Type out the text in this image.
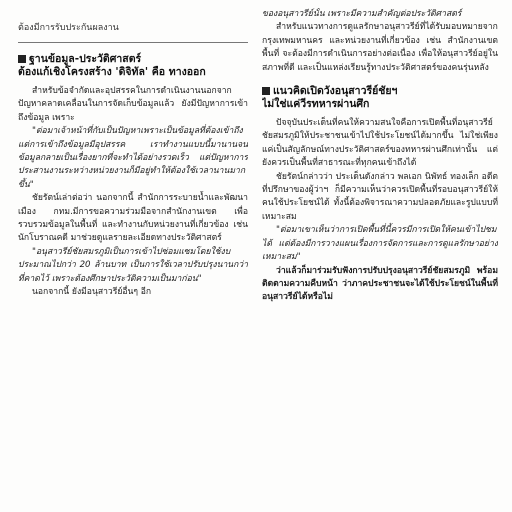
ต้องมีการรับประกันผลงาน
ฐานข้อมูล-ประวัติศาสตร์
ต้องแก้เชิงโครงสร้าง 'ดิจิทัล' คือ ทางออก

สำหรับข้อจำกัดและอุปสรรคในการดำเนินงานนอกจากปัญหาคลาดเคลื่อนในการจัดเก็บข้อมูลแล้ว ยังมีปัญหาการเข้าถึงข้อมูล เพราะ

"ต่อมาเจ้าหน้าที่กับเป็นปัญหาเพราะเป็นข้อมูลที่ต้องเข้าถึงแต่การเข้าถึงข้อมูลมีอุปสรรค เราทำงานแบบนี้มานานจนข้อมูลกลายเป็นเรื่องยากที่จะทำได้อย่างรวดเร็ว แต่ปัญหาการประสานงานระหว่างหน่วยงานก็มีอยู่ทำให้ต้องใช้เวลานานมากขึ้น"

ชัยรัตน์เล่าต่อว่า นอกจากนี้ สำนักการระบายน้ำและพัฒนาเมือง กทม.มีการขอความร่วมมือจากสำนักงานเขต เพื่อรวบรวมข้อมูลในพื้นที่ และทำงานกับหน่วยงานที่เกี่ยวข้อง เช่น นักโบราณคดี มาช่วยดูแลรายละเอียดทางประวัติศาสตร์

"อนุสาวรีย์ชัยสมรภูมิเป็นการเข้าไปซ่อมแซมโดยใช้งบประมาณไปกว่า 20 ล้านบาท เป็นการใช้เวลาปรับปรุงนานกว่าที่คาดไว้ เพราะต้องศึกษาประวัติความเป็นมาก่อน"

นอกจากนี้ ยังมีอนุสาวรีย์อื่นๆ อีก

ของอนุสาวรีย์นั้น เพราะมีความสำคัญต่อประวัติศาสตร์

สำหรับแนวทางการดูแลรักษาอนุสาวรีย์ที่ได้รับมอบหมายจากกรุงเทพมหานคร และหน่วยงานที่เกี่ยวข้อง เช่น สำนักงานเขตพื้นที่ จะต้องมีการดำเนินการอย่างต่อเนื่อง เพื่อให้อนุสาวรีย์อยู่ในสภาพที่ดี และเป็นแหล่งเรียนรู้ทางประวัติศาสตร์ของคนรุ่นหลัง

แนวคิดเปิดวังอนุสาวรีย์ชัยฯ
ไม่ใช่แค่วีรทหารผ่านศึก

ปัจจุบันประเด็นที่คนให้ความสนใจคือการเปิดพื้นที่อนุสาวรีย์ชัยสมรภูมิให้ประชาชนเข้าไปใช้ประโยชน์ได้มากขึ้น ไม่ใช่เพียงแค่เป็นสัญลักษณ์ทางประวัติศาสตร์ของทหารผ่านศึกเท่านั้น แต่ยังควรเป็นพื้นที่สาธารณะที่ทุกคนเข้าถึงได้

ชัยรัตน์กล่าวว่า ประเด็นดังกล่าว พลเอก นิพัทธ์ ทองเล็ก อดีตที่ปรึกษาของผู้ว่าฯ ก็มีความเห็นว่าควรเปิดพื้นที่รอบอนุสาวรีย์ให้คนใช้ประโยชน์ได้ ทั้งนี้ต้องพิจารณาความปลอดภัยและรูปแบบที่เหมาะสม

"ต่อมาเขาเห็นว่าการเปิดพื้นที่นี้ควรมีการเปิดให้คนเข้าไปชมได้ แต่ต้องมีการวางแผนเรื่องการจัดการและการดูแลรักษาอย่างเหมาะสม"

ว่าแล้วก็มาร่วมรับฟังการปรับปรุงอนุสาวรีย์ชัยสมรภูมิ พร้อมติดตามความคืบหน้า ว่าภาคประชาชนจะได้ใช้ประโยชน์ในพื้นที่อนุสาวรีย์ได้หรือไม่
